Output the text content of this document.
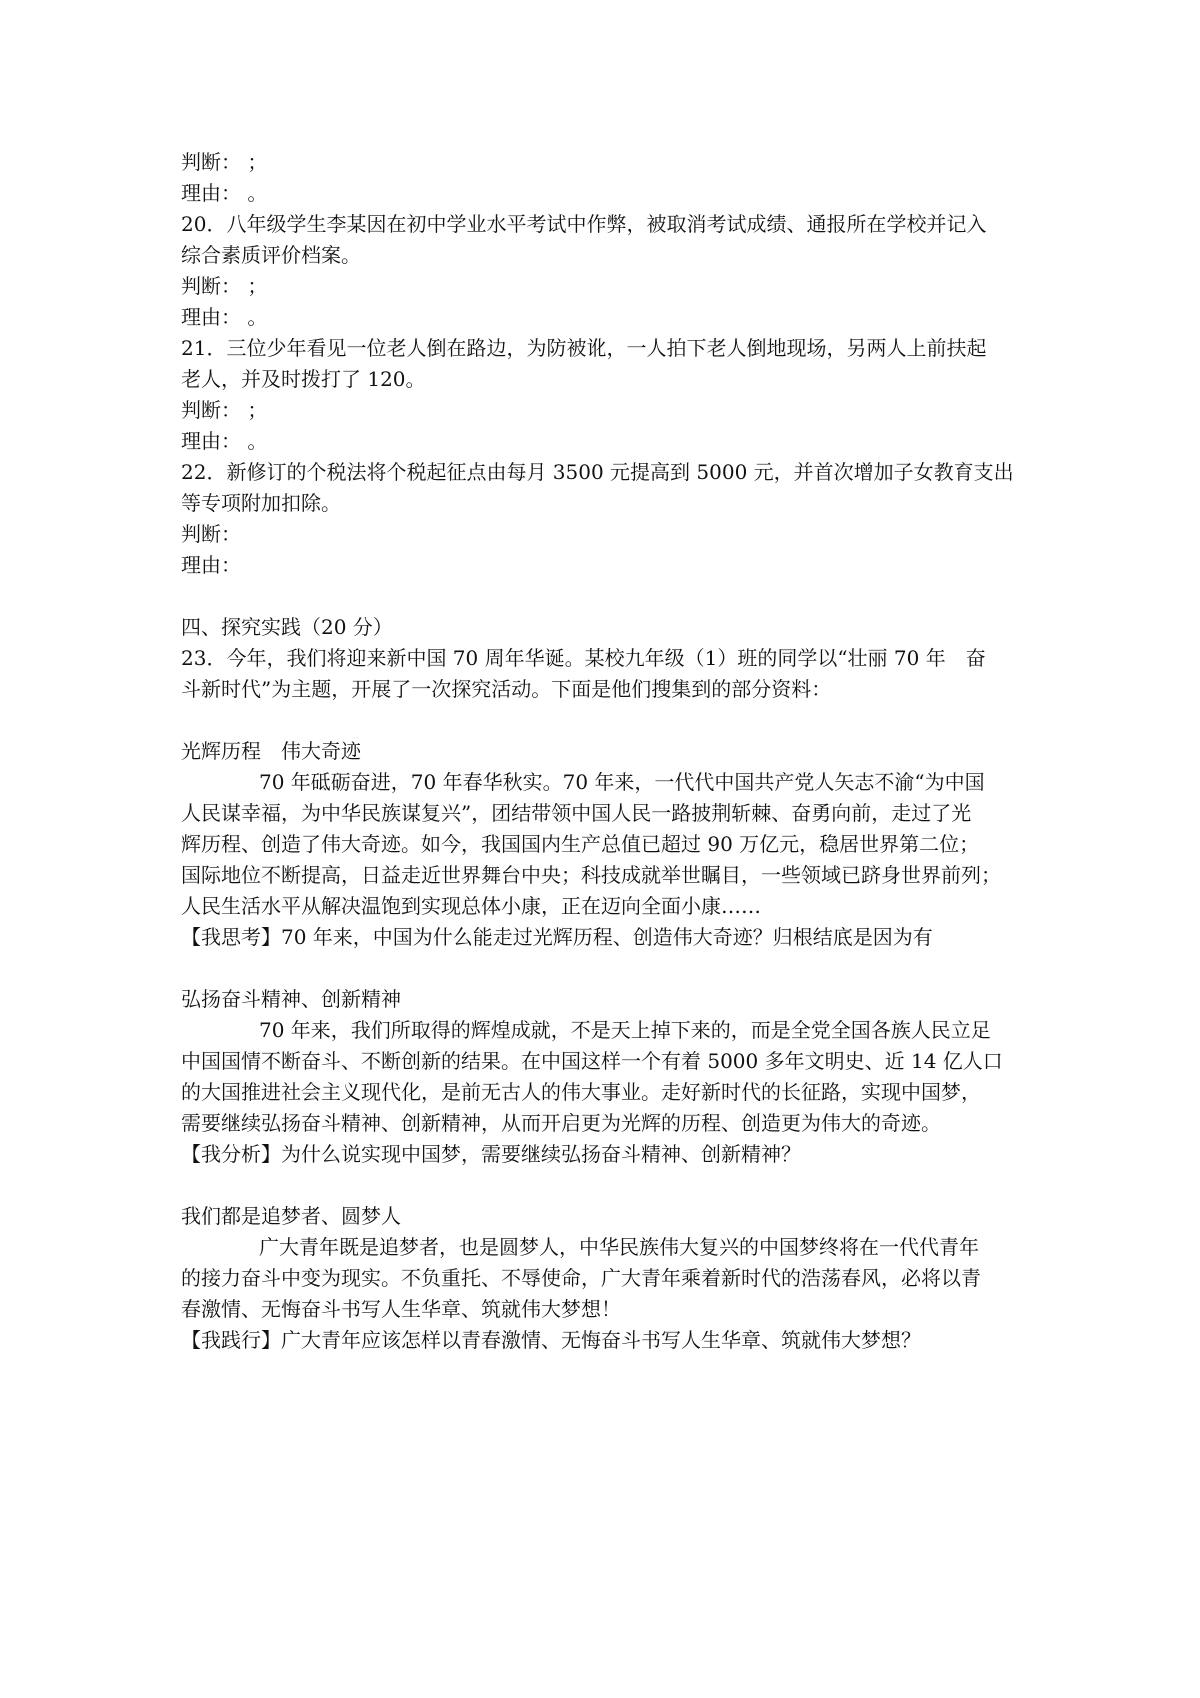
判断： ；
理由： 。
20．八年级学生李某因在初中学业水平考试中作弊，被取消考试成绩、通报所在学校并记入
综合素质评价档案。
判断： ；
理由： 。
21．三位少年看见一位老人倒在路边，为防被讹，一人拍下老人倒地现场，另两人上前扶起
老人，并及时拨打了 120。
判断： ；
理由： 。
22．新修订的个税法将个税起征点由每月 3500 元提高到 5000 元，并首次增加子女教育支出
等专项附加扣除。
判断：
理由：
四、探究实践（20 分）
23．今年，我们将迎来新中国 70 周年华诞。某校九年级（1）班的同学以“壮丽 70 年　奋
斗新时代”为主题，开展了一次探究活动。下面是他们搜集到的部分资料：
光辉历程　伟大奇迹
70 年砥砺奋进，70 年春华秋实。70 年来，一代代中国共产党人矢志不渝“为中国
人民谋幸福，为中华民族谋复兴”，团结带领中国人民一路披荆斩棘、奋勇向前，走过了光
辉历程、创造了伟大奇迹。如今，我国国内生产总值已超过 90 万亿元，稳居世界第二位；
国际地位不断提高，日益走近世界舞台中央；科技成就举世瞩目，一些领域已跻身世界前列；
人民生活水平从解决温饱到实现总体小康，正在迈向全面小康……
【我思考】70 年来，中国为什么能走过光辉历程、创造伟大奇迹？归根结底是因为有
弘扬奋斗精神、创新精神
70 年来，我们所取得的辉煌成就，不是天上掉下来的，而是全党全国各族人民立足
中国国情不断奋斗、不断创新的结果。在中国这样一个有着 5000 多年文明史、近 14 亿人口
的大国推进社会主义现代化，是前无古人的伟大事业。走好新时代的长征路，实现中国梦，
需要继续弘扬奋斗精神、创新精神，从而开启更为光辉的历程、创造更为伟大的奇迹。
【我分析】为什么说实现中国梦，需要继续弘扬奋斗精神、创新精神？
我们都是追梦者、圆梦人
广大青年既是追梦者，也是圆梦人，中华民族伟大复兴的中国梦终将在一代代青年
的接力奋斗中变为现实。不负重托、不辱使命，广大青年乘着新时代的浩荡春风，必将以青
春激情、无悔奋斗书写人生华章、筑就伟大梦想！
【我践行】广大青年应该怎样以青春激情、无悔奋斗书写人生华章、筑就伟大梦想？
